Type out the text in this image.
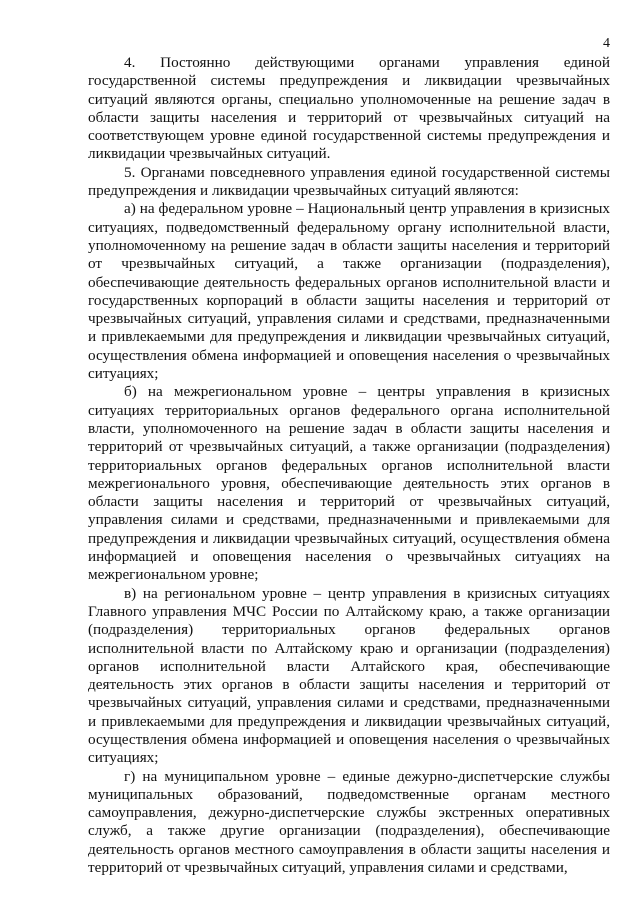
4

4. Постоянно действующими органами управления единой государственной системы предупреждения и ликвидации чрезвычайных ситуаций являются органы, специально уполномоченные на решение задач в области защиты населения и территорий от чрезвычайных ситуаций на соответствующем уровне единой государственной системы предупреждения и ликвидации чрезвычайных ситуаций.

5. Органами повседневного управления единой государственной системы предупреждения и ликвидации чрезвычайных ситуаций являются:

а) на федеральном уровне – Национальный центр управления в кризисных ситуациях, подведомственный федеральному органу исполнительной власти, уполномоченному на решение задач в области защиты населения и территорий от чрезвычайных ситуаций, а также организации (подразделения), обеспечивающие деятельность федеральных органов исполнительной власти и государственных корпораций в области защиты населения и территорий от чрезвычайных ситуаций, управления силами и средствами, предназначенными и привлекаемыми для предупреждения и ликвидации чрезвычайных ситуаций, осуществления обмена информацией и оповещения населения о чрезвычайных ситуациях;

б) на межрегиональном уровне – центры управления в кризисных ситуациях территориальных органов федерального органа исполнительной власти, уполномоченного на решение задач в области защиты населения и территорий от чрезвычайных ситуаций, а также организации (подразделения) территориальных органов федеральных органов исполнительной власти межрегионального уровня, обеспечивающие деятельность этих органов в области защиты населения и территорий от чрезвычайных ситуаций, управления силами и средствами, предназначенными и привлекаемыми для предупреждения и ликвидации чрезвычайных ситуаций, осуществления обмена информацией и оповещения населения о чрезвычайных ситуациях на межрегиональном уровне;

в) на региональном уровне – центр управления в кризисных ситуациях Главного управления МЧС России по Алтайскому краю, а также организации (подразделения) территориальных органов федеральных органов исполнительной власти по Алтайскому краю и организации (подразделения) органов исполнительной власти Алтайского края, обеспечивающие деятельность этих органов в области защиты населения и территорий от чрезвычайных ситуаций, управления силами и средствами, предназначенными и привлекаемыми для предупреждения и ликвидации чрезвычайных ситуаций, осуществления обмена информацией и оповещения населения о чрезвычайных ситуациях;

г) на муниципальном уровне – единые дежурно-диспетчерские службы муниципальных образований, подведомственные органам местного самоуправления, дежурно-диспетчерские службы экстренных оперативных служб, а также другие организации (подразделения), обеспечивающие деятельность органов местного самоуправления в области защиты населения и территорий от чрезвычайных ситуаций, управления силами и средствами,
